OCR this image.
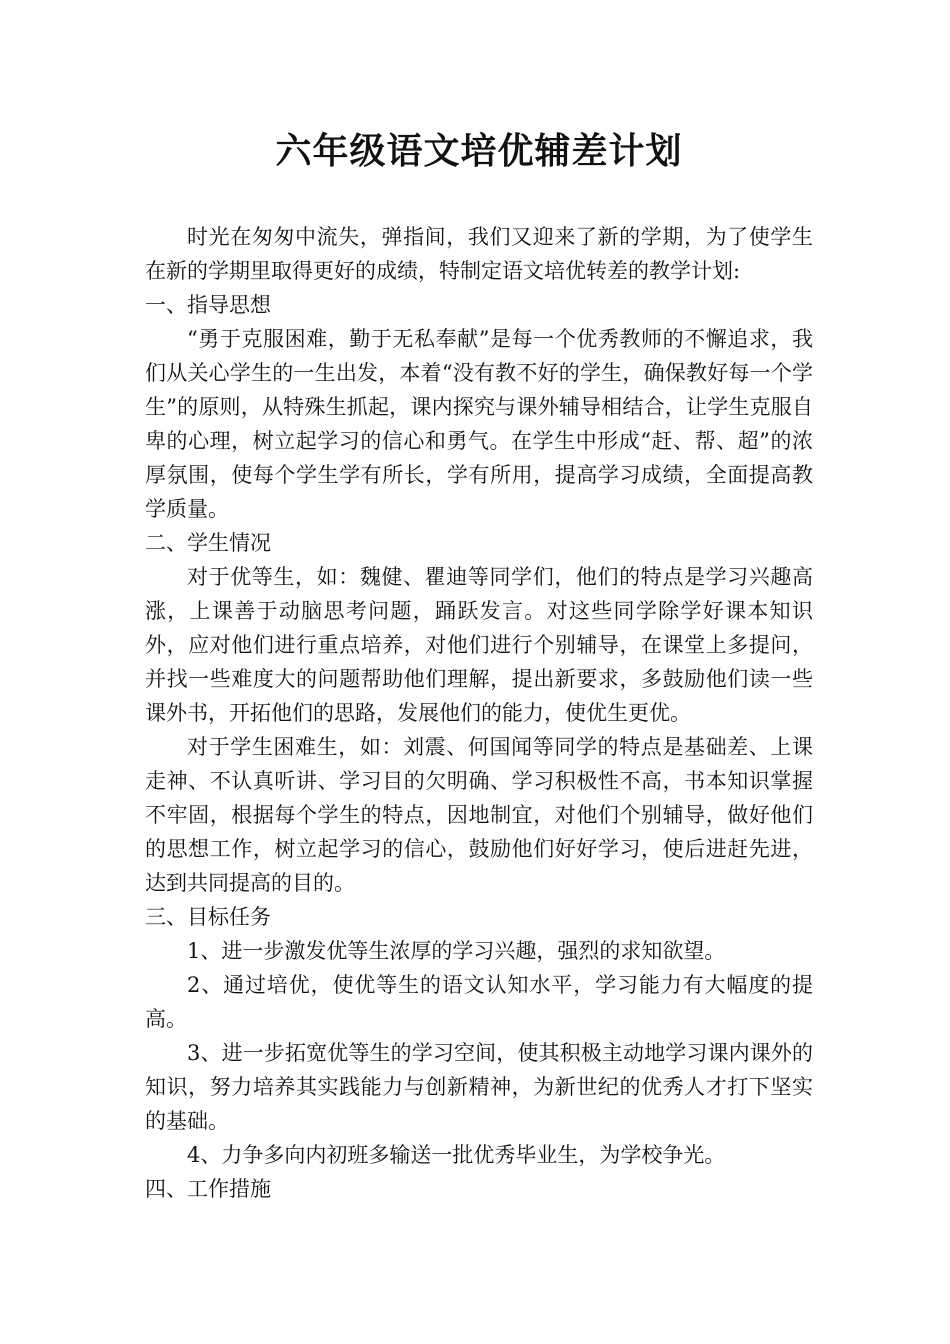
六年级语文培优辅差计划

时光在匆匆中流失，弹指间，我们又迎来了新的学期，为了使学生在新的学期里取得更好的成绩，特制定语文培优转差的教学计划:

一、指导思想

“勇于克服困难，勤于无私奉献”是每一个优秀教师的不懈追求，我们从关心学生的一生出发，本着“没有教不好的学生，确保教好每一个学生”的原则，从特殊生抓起，课内探究与课外辅导相结合，让学生克服自卑的心理，树立起学习的信心和勇气。在学生中形成“赶、帮、超”的浓厚氛围，使每个学生学有所长，学有所用，提高学习成绩，全面提高教学质量。

二、学生情况

对于优等生，如：魏健、瞿迪等同学们，他们的特点是学习兴趣高涨，上课善于动脑思考问题，踊跃发言。对这些同学除学好课本知识外，应对他们进行重点培养，对他们进行个别辅导，在课堂上多提问，并找一些难度大的问题帮助他们理解，提出新要求，多鼓励他们读一些课外书，开拓他们的思路，发展他们的能力，使优生更优。

对于学生困难生，如：刘震、何国闻等同学的特点是基础差、上课走神、不认真听讲、学习目的欠明确、学习积极性不高，书本知识掌握不牢固，根据每个学生的特点，因地制宜，对他们个别辅导，做好他们的思想工作，树立起学习的信心，鼓励他们好好学习，使后进赶先进，达到共同提高的目的。

三、目标任务

1、进一步激发优等生浓厚的学习兴趣，强烈的求知欲望。

2、通过培优，使优等生的语文认知水平，学习能力有大幅度的提高。

3、进一步拓宽优等生的学习空间，使其积极主动地学习课内课外的知识，努力培养其实践能力与创新精神，为新世纪的优秀人才打下坚实的基础。

4、力争多向内初班多输送一批优秀毕业生，为学校争光。

四、工作措施
